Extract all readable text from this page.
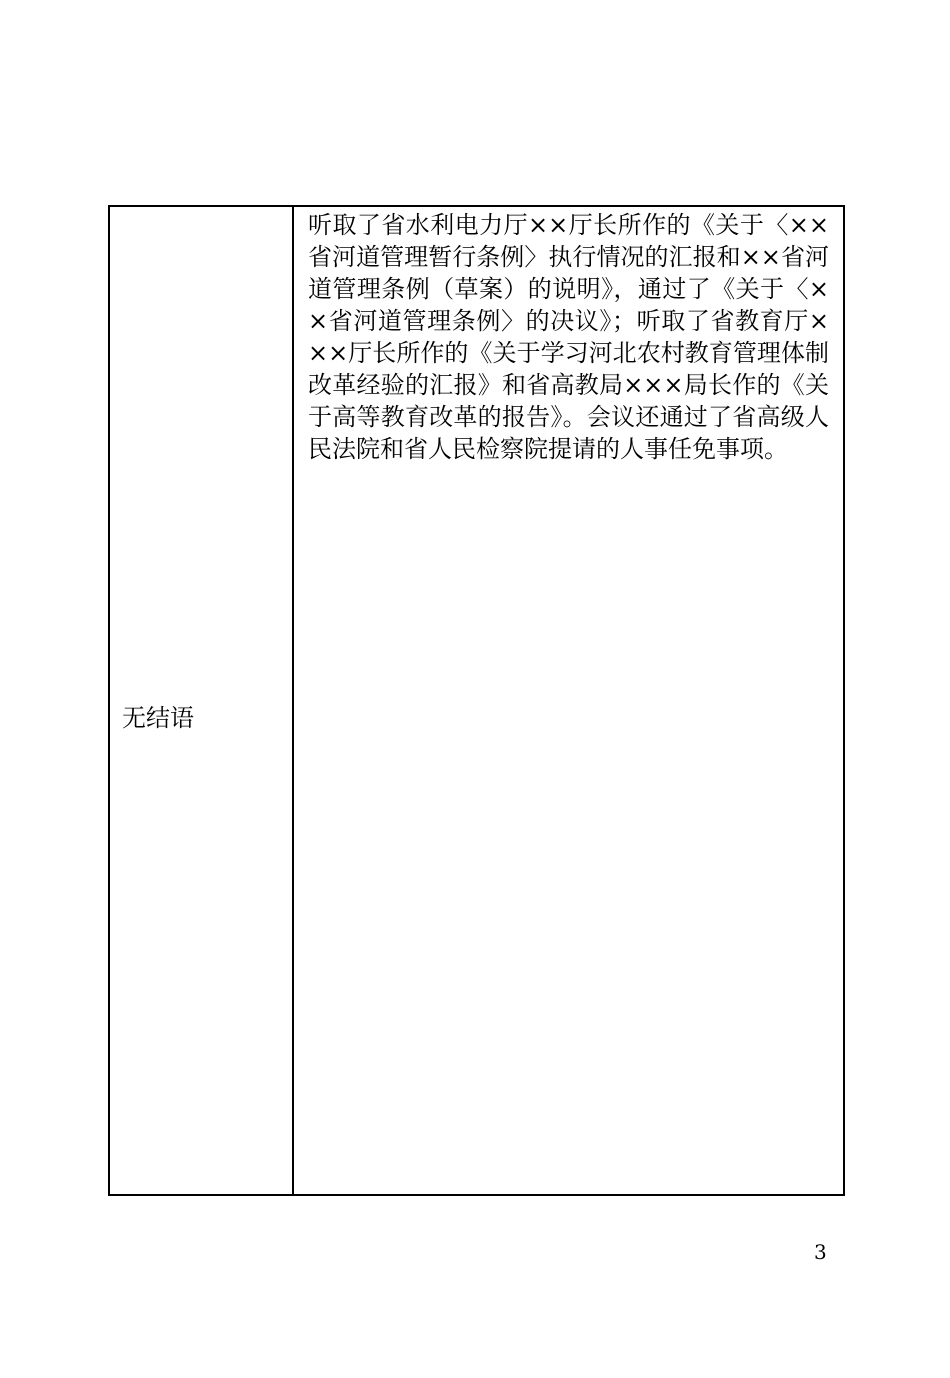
无结语

听取了省水利电力厅××厅长所作的《关于〈××省河道管理暂行条例〉执行情况的汇报和××省河道管理条例（草案）的说明》，通过了《关于〈××省河道管理条例〉的决议》；听取了省教育厅×××厅长所作的《关于学习河北农村教育管理体制改革经验的汇报》和省高教局×××局长作的《关于高等教育改革的报告》。会议还通过了省高级人民法院和省人民检察院提请的人事任免事项。

3
